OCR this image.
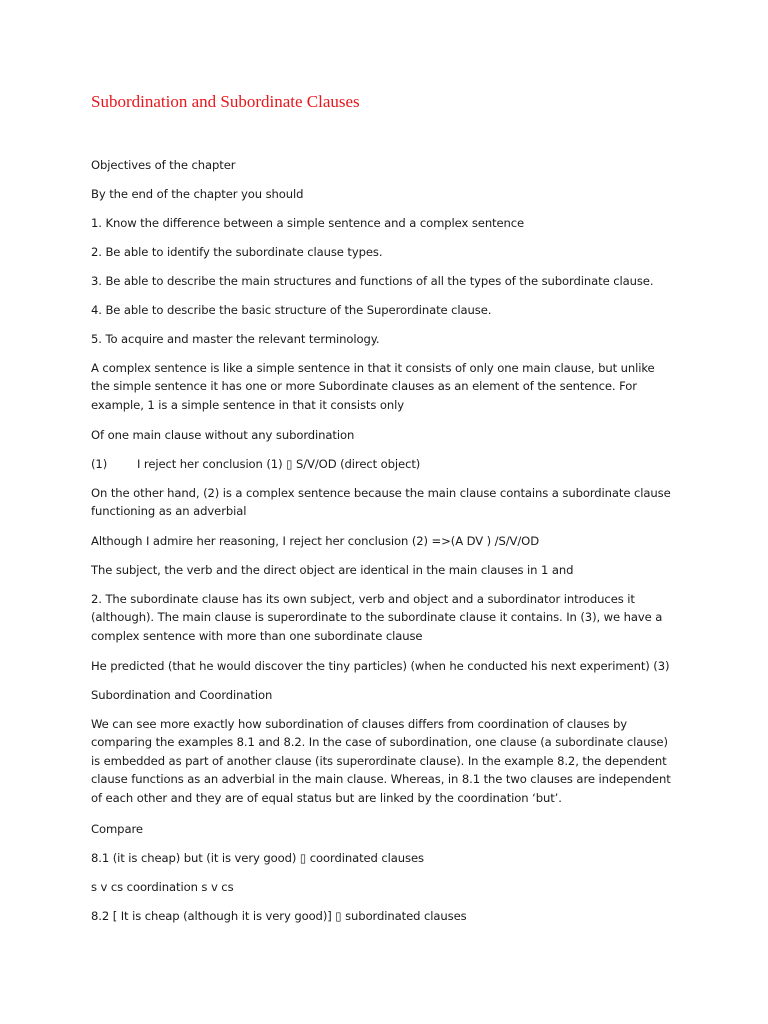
Subordination and Subordinate Clauses

Objectives of the chapter

By the end of the chapter you should

1. Know the difference between a simple sentence and a complex sentence

2. Be able to identify the subordinate clause types.

3. Be able to describe the main structures and functions of all the types of the subordinate clause.

4. Be able to describe the basic structure of the Superordinate clause.

5. To acquire and master the relevant terminology.

A complex sentence is like a simple sentence in that it consists of only one main clause, but unlike the simple sentence it has one or more Subordinate clauses as an element of the sentence. For example, 1 is a simple sentence in that it consists only

Of one main clause without any subordination

(1)	I reject her conclusion (1) ▯ S/V/OD (direct object)

On the other hand, (2) is a complex sentence because the main clause contains a subordinate clause functioning as an adverbial

Although I admire her reasoning, I reject her conclusion (2) =>(A DV ) /S/V/OD

The subject, the verb and the direct object are identical in the main clauses in 1 and

2. The subordinate clause has its own subject, verb and object and a subordinator introduces it (although). The main clause is superordinate to the subordinate clause it contains. In (3), we have a complex sentence with more than one subordinate clause

He predicted (that he would discover the tiny particles) (when he conducted his next experiment) (3)

Subordination and Coordination

We can see more exactly how subordination of clauses differs from coordination of clauses by comparing the examples 8.1 and 8.2. In the case of subordination, one clause (a subordinate clause) is embedded as part of another clause (its superordinate clause). In the example 8.2, the dependent clause functions as an adverbial in the main clause. Whereas, in 8.1 the two clauses are independent of each other and they are of equal status but are linked by the coordination ‘but’.

Compare

8.1 (it is cheap) but (it is very good) ▯ coordinated clauses

s v cs coordination s v cs

8.2 [ It is cheap (although it is very good)] ▯ subordinated clauses
